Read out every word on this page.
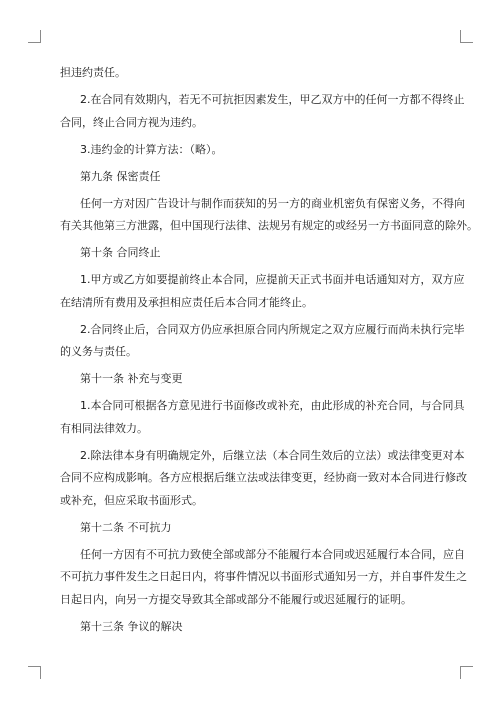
担违约责任。
2.在合同有效期内，若无不可抗拒因素发生，甲乙双方中的任何一方都不得终止
合同，终止合同方视为违约。
3.违约金的计算方法：（略）。
第九条 保密责任
任何一方对因广告设计与制作而获知的另一方的商业机密负有保密义务，不得向
有关其他第三方泄露，但中国现行法律、法规另有规定的或经另一方书面同意的除外。
第十条 合同终止
1.甲方或乙方如要提前终止本合同，应提前天正式书面并电话通知对方，双方应
在结清所有费用及承担相应责任后本合同才能终止。
2.合同终止后，合同双方仍应承担原合同内所规定之双方应履行而尚未执行完毕
的义务与责任。
第十一条 补充与变更
1.本合同可根据各方意见进行书面修改或补充，由此形成的补充合同，与合同具
有相同法律效力。
2.除法律本身有明确规定外，后继立法（本合同生效后的立法）或法律变更对本
合同不应构成影响。各方应根据后继立法或法律变更，经协商一致对本合同进行修改
或补充，但应采取书面形式。
第十二条 不可抗力
任何一方因有不可抗力致使全部或部分不能履行本合同或迟延履行本合同，应自
不可抗力事件发生之日起日内，将事件情况以书面形式通知另一方，并自事件发生之
日起日内，向另一方提交导致其全部或部分不能履行或迟延履行的证明。
第十三条 争议的解决
